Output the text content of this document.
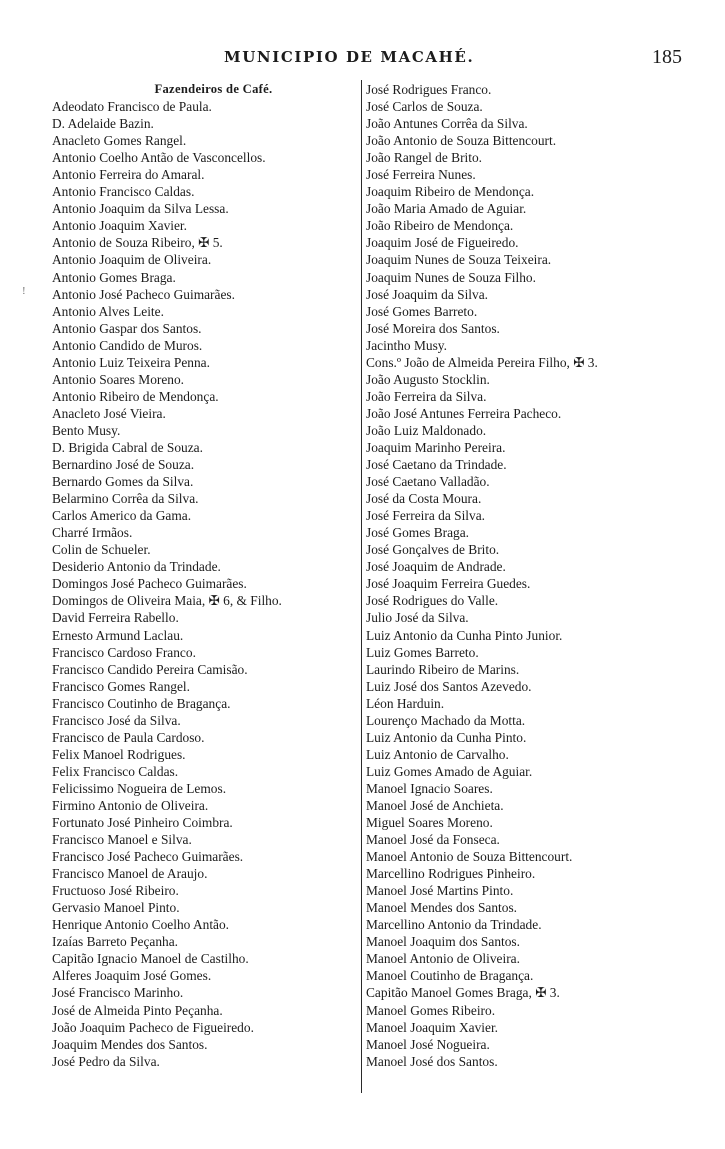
MUNICIPIO DE MACAHÉ.	185
!
Fazendeiros de Café.
Adeodato Francisco de Paula.
D. Adelaide Bazin.
Anacleto Gomes Rangel.
Antonio Coelho Antão de Vasconcellos.
Antonio Ferreira do Amaral.
Antonio Francisco Caldas.
Antonio Joaquim da Silva Lessa.
Antonio Joaquim Xavier.
Antonio de Souza Ribeiro, ✠ 5.
Antonio Joaquim de Oliveira.
Antonio Gomes Braga.
Antonio José Pacheco Guimarães.
Antonio Alves Leite.
Antonio Gaspar dos Santos.
Antonio Candido de Muros.
Antonio Luiz Teixeira Penna.
Antonio Soares Moreno.
Antonio Ribeiro de Mendonça.
Anacleto José Vieira.
Bento Musy.
D. Brigida Cabral de Souza.
Bernardino José de Souza.
Bernardo Gomes da Silva.
Belarmino Corrêa da Silva.
Carlos Americo da Gama.
Charré Irmãos.
Colin de Schueler.
Desiderio Antonio da Trindade.
Domingos José Pacheco Guimarães.
Domingos de Oliveira Maia, ✠ 6, & Filho.
David Ferreira Rabello.
Ernesto Armund Laclau.
Francisco Cardoso Franco.
Francisco Candido Pereira Camisão.
Francisco Gomes Rangel.
Francisco Coutinho de Bragança.
Francisco José da Silva.
Francisco de Paula Cardoso.
Felix Manoel Rodrigues.
Felix Francisco Caldas.
Felicissimo Nogueira de Lemos.
Firmino Antonio de Oliveira.
Fortunato José Pinheiro Coimbra.
Francisco Manoel e Silva.
Francisco José Pacheco Guimarães.
Francisco Manoel de Araujo.
Fructuoso José Ribeiro.
Gervasio Manoel Pinto.
Henrique Antonio Coelho Antão.
Izaías Barreto Peçanha.
Capitão Ignacio Manoel de Castilho.
Alferes Joaquim José Gomes.
José Francisco Marinho.
José de Almeida Pinto Peçanha.
João Joaquim Pacheco de Figueiredo.
Joaquim Mendes dos Santos.
José Pedro da Silva.
José Rodrigues Franco.
José Carlos de Souza.
João Antunes Corrêa da Silva.
João Antonio de Souza Bittencourt.
João Rangel de Brito.
José Ferreira Nunes.
Joaquim Ribeiro de Mendonça.
João Maria Amado de Aguiar.
João Ribeiro de Mendonça.
Joaquim José de Figueiredo.
Joaquim Nunes de Souza Teixeira.
Joaquim Nunes de Souza Filho.
José Joaquim da Silva.
José Gomes Barreto.
José Moreira dos Santos.
Jacintho Musy.
Cons.º João de Almeida Pereira Filho, ✠ 3.
João Augusto Stocklin.
João Ferreira da Silva.
João José Antunes Ferreira Pacheco.
João Luiz Maldonado.
Joaquim Marinho Pereira.
José Caetano da Trindade.
José Caetano Valladão.
José da Costa Moura.
José Ferreira da Silva.
José Gomes Braga.
José Gonçalves de Brito.
José Joaquim de Andrade.
José Joaquim Ferreira Guedes.
José Rodrigues do Valle.
Julio José da Silva.
Luiz Antonio da Cunha Pinto Junior.
Luiz Gomes Barreto.
Laurindo Ribeiro de Marins.
Luiz José dos Santos Azevedo.
Léon Harduin.
Lourenço Machado da Motta.
Luiz Antonio da Cunha Pinto.
Luiz Antonio de Carvalho.
Luiz Gomes Amado de Aguiar.
Manoel Ignacio Soares.
Manoel José de Anchieta.
Miguel Soares Moreno.
Manoel José da Fonseca.
Manoel Antonio de Souza Bittencourt.
Marcellino Rodrigues Pinheiro.
Manoel José Martins Pinto.
Manoel Mendes dos Santos.
Marcellino Antonio da Trindade.
Manoel Joaquim dos Santos.
Manoel Antonio de Oliveira.
Manoel Coutinho de Bragança.
Capitão Manoel Gomes Braga, ✠ 3.
Manoel Gomes Ribeiro.
Manoel Joaquim Xavier.
Manoel José Nogueira.
Manoel José dos Santos.
